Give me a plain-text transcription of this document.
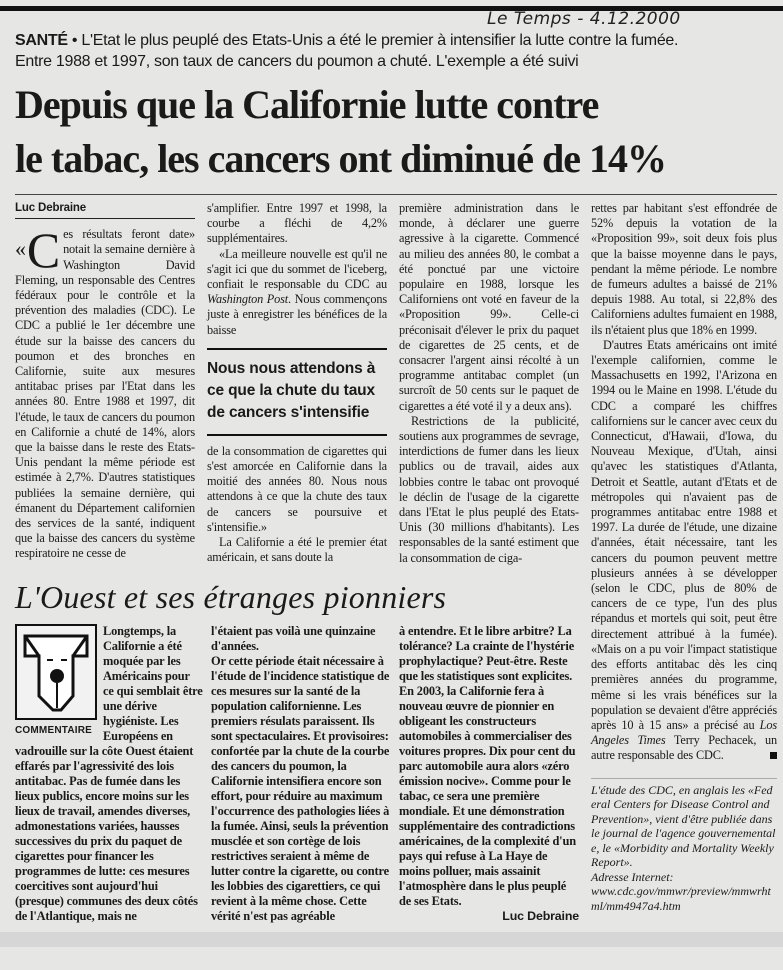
Le Temps - 4.12.2000
SANTÉ • L'Etat le plus peuplé des Etats-Unis a été le premier à intensifier la lutte contre la fumée.
Entre 1988 et 1997, son taux de cancers du poumon a chuté. L'exemple a été suivi
Depuis que la Californie lutte contre
le tabac, les cancers ont diminué de 14%
Luc Debraine

« C es résultats feront date» notait la semaine dernière à Washington David Fleming, un responsable des Centres fédéraux pour le contrôle et la prévention des maladies (CDC). Le CDC a publié le 1er décembre une étude sur la baisse des cancers du poumon et des bronches en Californie, suite aux mesures antitabac prises par l'Etat dans les années 80. Entre 1988 et 1997, dit l'étude, le taux de cancers du poumon en Californie a chuté de 14%, alors que la baisse dans le reste des Etats-Unis pendant la même période est estimée à 2,7%. D'autres statistiques publiées la semaine dernière, qui émanent du Département californien des services de la santé, indiquent que la baisse des cancers du système respiratoire ne cesse de

s'amplifier. Entre 1997 et 1998, la courbe a fléchi de 4,2% supplémentaires.

«La meilleure nouvelle est qu'il ne s'agit ici que du sommet de l'iceberg, confiait le responsable du CDC au Washington Post. Nous commençons juste à enregistrer les bénéfices de la baisse

Nous nous attendons à ce que la chute du taux de cancers s'intensifie

de la consommation de cigarettes qui s'est amorcée en Californie dans la moitié des années 80. Nous nous attendons à ce que la chute des taux de cancers se poursuive et s'intensifie.»

La Californie a été le premier état américain, et sans doute la

première administration dans le monde, à déclarer une guerre agressive à la cigarette. Commencé au milieu des années 80, le combat a été ponctué par une victoire populaire en 1988, lorsque les Californiens ont voté en faveur de la «Proposition 99». Celle-ci préconisait d'élever le prix du paquet de cigarettes de 25 cents, et de consacrer l'argent ainsi récolté à un programme antitabac complet (un surcroît de 50 cents sur le paquet de cigarettes a été voté il y a deux ans).

Restrictions de la publicité, soutiens aux programmes de sevrage, interdictions de fumer dans les lieux publics ou de travail, aides aux lobbies contre le tabac ont provoqué le déclin de l'usage de la cigarette dans l'Etat le plus peuplé des Etats-Unis (30 millions d'habitants). Les responsables de la santé estiment que la consommation de ciga-

L'Ouest et ses étranges pionniers
COMMENTAIRE

Longtemps, la Californie a été moquée par les Américains pour ce qui semblait être une dérive hygiéniste. Les Européens en vadrouille sur la côte Ouest étaient effarés par l'agressivité des lois antitabac. Pas de fumée dans les lieux publics, encore moins sur les lieux de travail, amendes diverses, admonestations variées, hausses successives du prix du paquet de cigarettes pour financer les programmes de lutte: ces mesures coercitives sont aujourd'hui (presque) communes des deux côtés de l'Atlantique, mais ne

l'étaient pas voilà une quinzaine d'années.

Or cette période était nécessaire à l'étude de l'incidence statistique de ces mesures sur la santé de la population californienne. Les premiers résulats paraissent. Ils sont spectaculaires. Et provisoires: confortée par la chute de la courbe des cancers du poumon, la Californie intensifiera encore son effort, pour réduire au maximum l'occurrence des pathologies liées à la fumée. Ainsi, seuls la prévention musclée et son cortège de lois restrictives seraient à même de lutter contre la cigarette, ou contre les lobbies des cigarettiers, ce qui revient à la même chose. Cette vérité n'est pas agréable

à entendre. Et le libre arbitre? La tolérance? La crainte de l'hystérie prophylactique? Peut-être. Reste que les statistiques sont explicites.

En 2003, la Californie fera à nouveau œuvre de pionnier en obligeant les constructeurs automobiles à commercialiser des voitures propres. Dix pour cent du parc automobile aura alors «zéro émission nocive». Comme pour le tabac, ce sera une première mondiale. Et une démonstration supplémentaire des contradictions américaines, de la complexité d'un pays qui refuse à La Haye de moins polluer, mais assainit l'atmosphère dans le plus peuplé de ses Etats.

Luc Debraine

rettes par habitant s'est effondrée de 52% depuis la votation de la «Proposition 99», soit deux fois plus que la baisse moyenne dans le pays, pendant la même période. Le nombre de fumeurs adultes a baissé de 21% depuis 1988. Au total, si 22,8% des Californiens adultes fumaient en 1988, ils n'étaient plus que 18% en 1999.

D'autres Etats américains ont imité l'exemple californien, comme le Massachusetts en 1992, l'Arizona en 1994 ou le Maine en 1998. L'étude du CDC a comparé les chiffres californiens sur le cancer avec ceux du Connecticut, d'Hawaii, d'Iowa, du Nouveau Mexique, d'Utah, ainsi qu'avec les statistiques d'Atlanta, Detroit et Seattle, autant d'Etats et de métropoles qui n'avaient pas de programmes antitabac entre 1988 et 1997. La durée de l'étude, une dizaine d'années, était nécessaire, tant les cancers du poumon peuvent mettre plusieurs années à se développer (selon le CDC, plus de 80% de cancers de ce type, l'un des plus répandus et mortels qui soit, peut être directement attribué à la fumée). «Mais on a pu voir l'impact statistique des efforts antitabac dès les cinq premières années du programme, même si les vrais bénéfices sur la population se devaient d'être appréciés après 10 à 15 ans» a précisé au Los Angeles Times Terry Pechacek, un autre responsable des CDC.

L'étude des CDC, en anglais les «Federal Centers for Disease Control and Prevention», vient d'être publiée dans le journal de l'agence gouvernementale, le «Morbidity and Mortality Weekly Report».

Adresse Internet:

www.cdc.gov/mmwr/preview/mmwrhtml/mm4947a4.htm
